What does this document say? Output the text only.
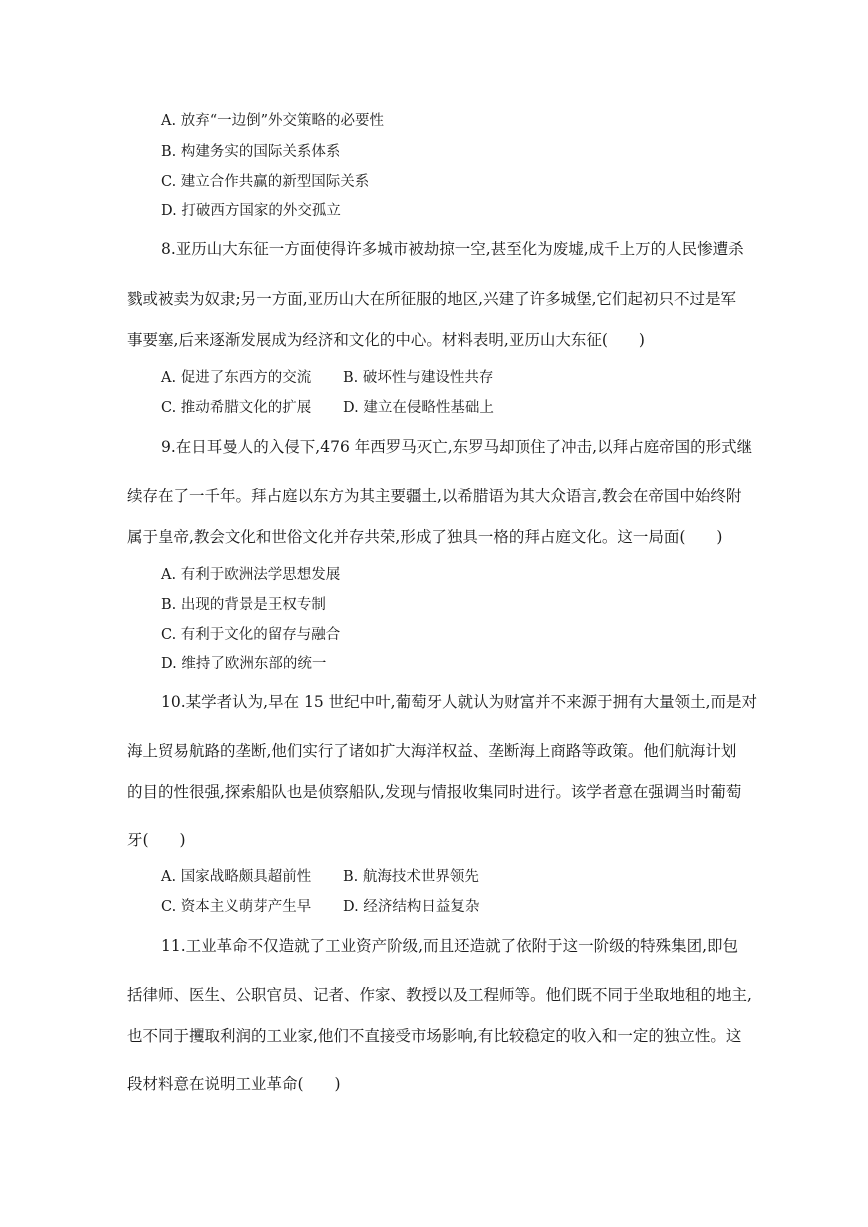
A. 放弃“一边倒”外交策略的必要性
B. 构建务实的国际关系体系
C. 建立合作共赢的新型国际关系
D. 打破西方国家的外交孤立
8.亚历山大东征一方面使得许多城市被劫掠一空,甚至化为废墟,成千上万的人民惨遭杀
戮或被卖为奴隶;另一方面,亚历山大在所征服的地区,兴建了许多城堡,它们起初只不过是军
事要塞,后来逐渐发展成为经济和文化的中心。材料表明,亚历山大东征(　　)
A. 促进了东西方的交流 B. 破坏性与建设性共存
C. 推动希腊文化的扩展 D. 建立在侵略性基础上
9.在日耳曼人的入侵下,476 年西罗马灭亡,东罗马却顶住了冲击,以拜占庭帝国的形式继
续存在了一千年。拜占庭以东方为其主要疆土,以希腊语为其大众语言,教会在帝国中始终附
属于皇帝,教会文化和世俗文化并存共荣,形成了独具一格的拜占庭文化。这一局面(　　)
A. 有利于欧洲法学思想发展
B. 出现的背景是王权专制
C. 有利于文化的留存与融合
D. 维持了欧洲东部的统一
10.某学者认为,早在 15 世纪中叶,葡萄牙人就认为财富并不来源于拥有大量领土,而是对
海上贸易航路的垄断,他们实行了诸如扩大海洋权益、垄断海上商路等政策。他们航海计划
的目的性很强,探索船队也是侦察船队,发现与情报收集同时进行。该学者意在强调当时葡萄
牙(　　)
A. 国家战略颇具超前性 B. 航海技术世界领先
C. 资本主义萌芽产生早 D. 经济结构日益复杂
11.工业革命不仅造就了工业资产阶级,而且还造就了依附于这一阶级的特殊集团,即包
括律师、医生、公职官员、记者、作家、教授以及工程师等。他们既不同于坐取地租的地主,
也不同于攫取利润的工业家,他们不直接受市场影响,有比较稳定的收入和一定的独立性。这
段材料意在说明工业革命(　　)
